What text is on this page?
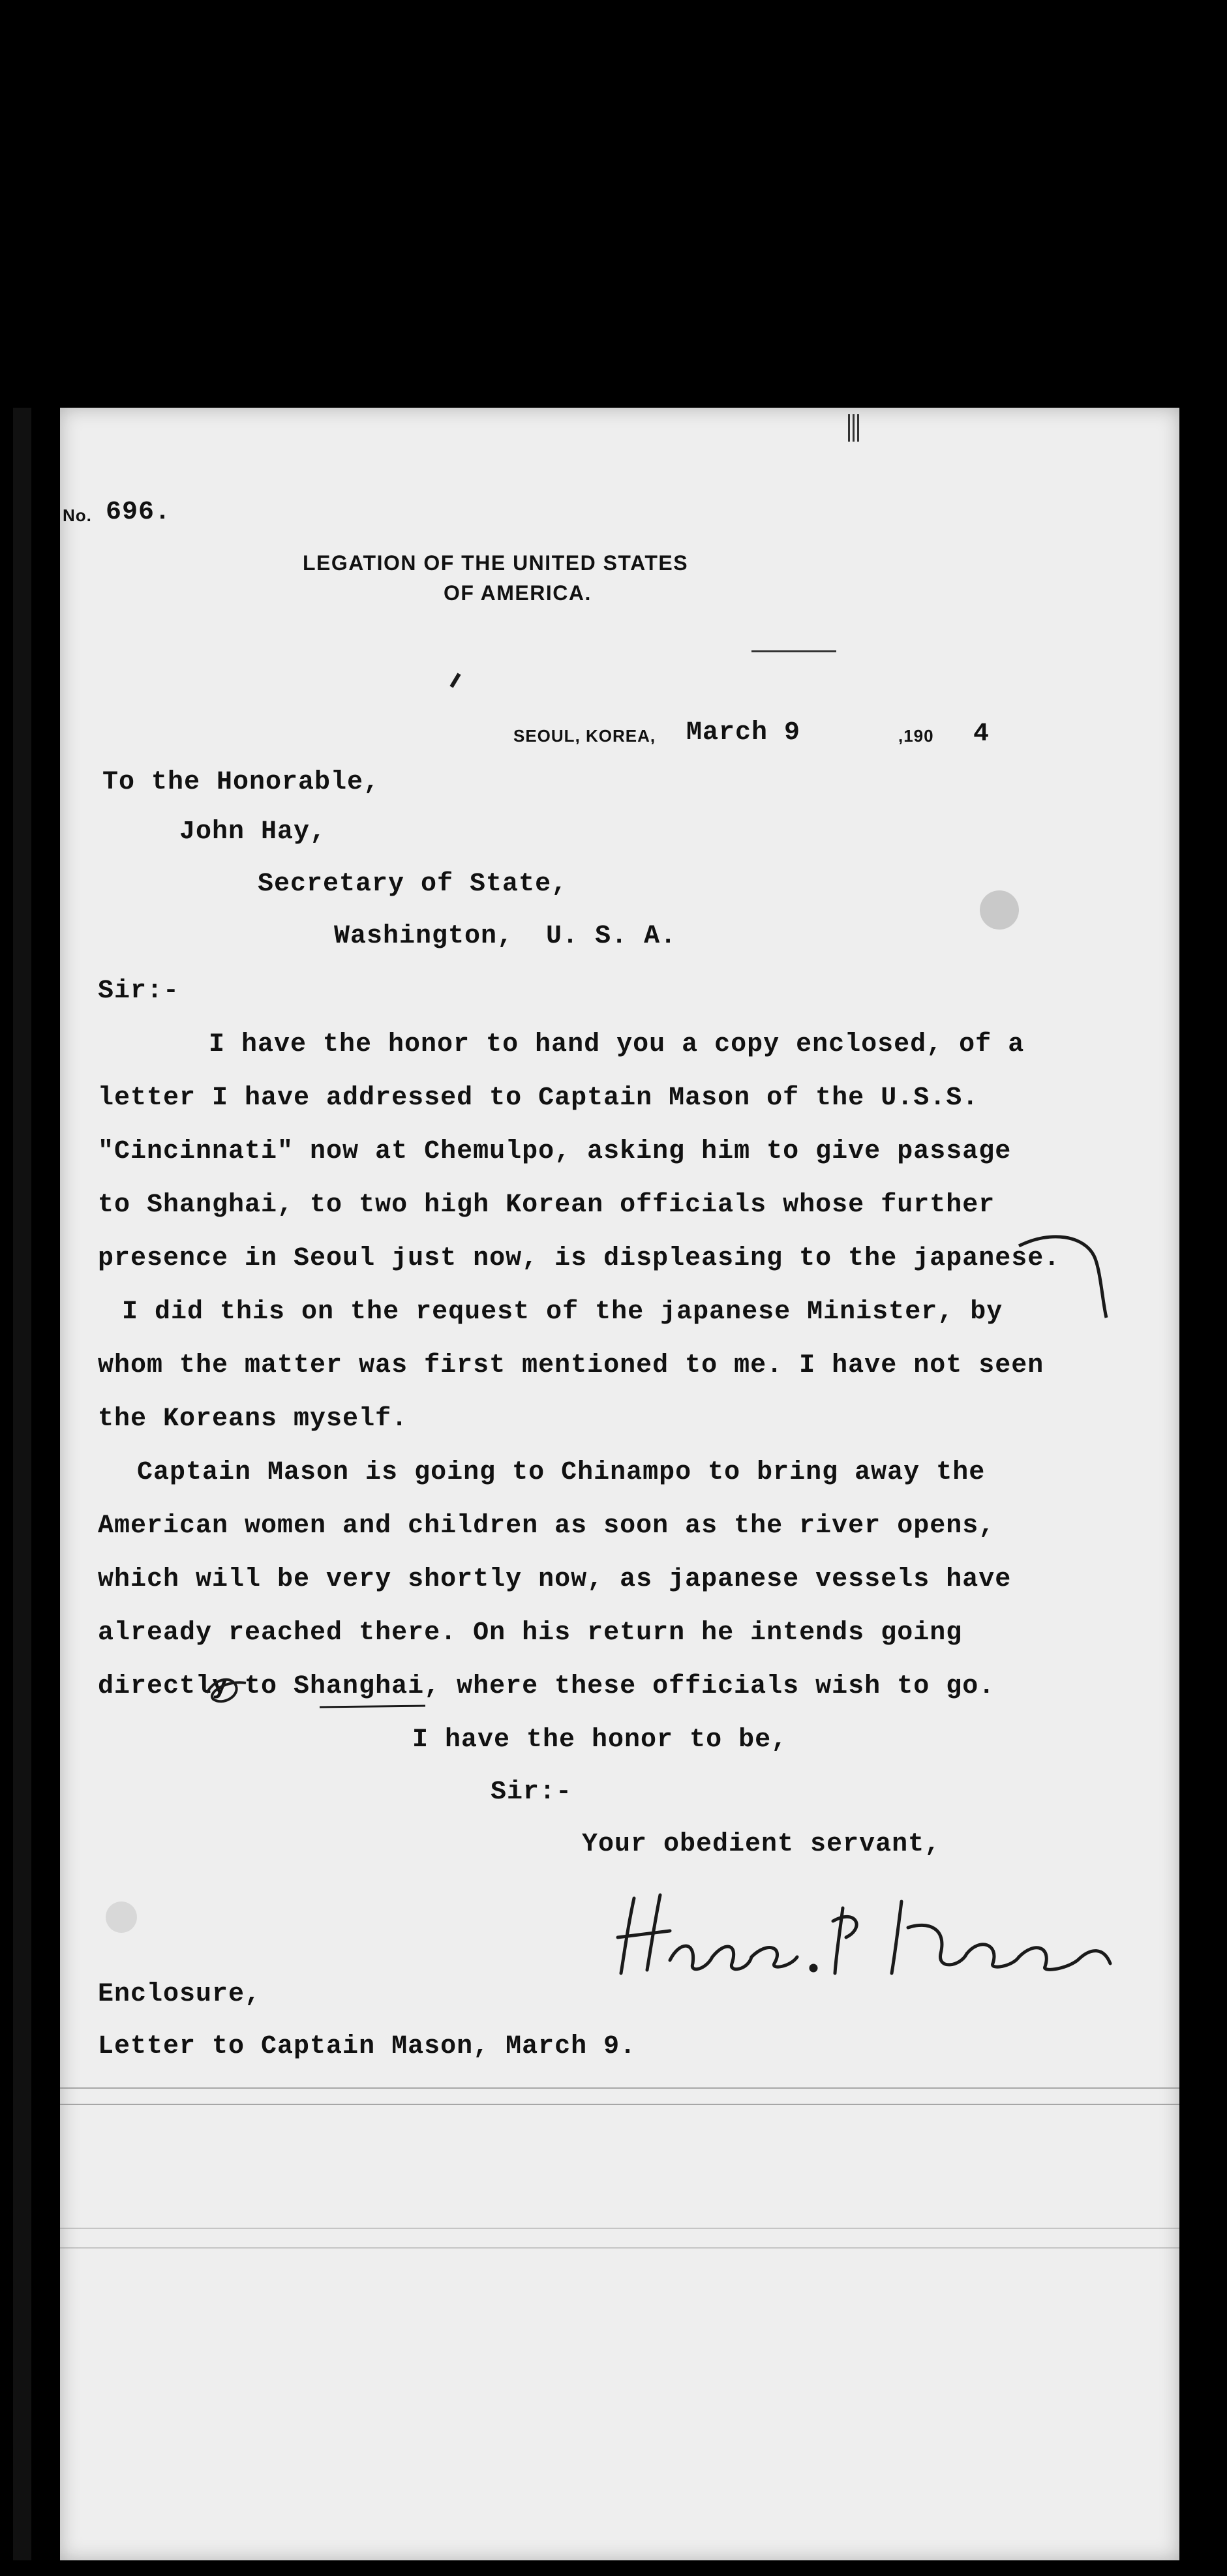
No. 696.
LEGATION OF THE UNITED STATES
OF AMERICA.
SEOUL, KOREA, March 9	,190 4
To the Honorable,
John Hay,
Secretary of State,
Washington,  U. S. A.
Sir:-
I have the honor to hand you a copy enclosed, of a
letter I have addressed to Captain Mason of the U.S.S.
"Cincinnati" now at Chemulpo, asking him to give passage
to Shanghai, to two high Korean officials whose further
presence in Seoul just now, is displeasing to the japanese.
I did this on the request of the japanese Minister, by
whom the matter was first mentioned to me. I have not seen
the Koreans myself.
Captain Mason is going to Chinampo to bring away the
American women and children as soon as the river opens,
which will be very shortly now, as japanese vessels have
already reached there. On his return he intends going
directly to Shanghai, where these officials wish to go.
I have the honor to be,
Sir:-
Your obedient servant,
Enclosure,
Letter to Captain Mason, March 9.
